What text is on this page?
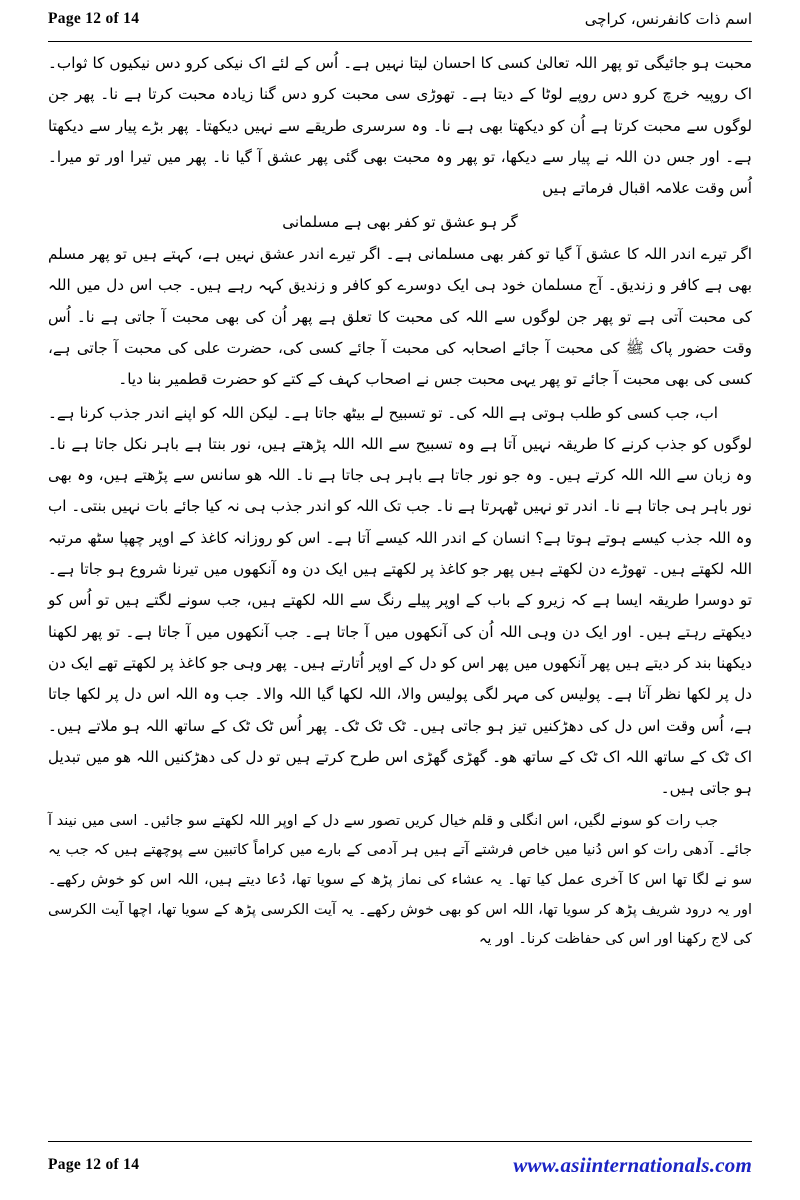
Page 12 of 14	اسم ذات کانفرنس، کراچی

محبت ہو جائیگی تو پھر اللہ تعالیٰ کسی کا احسان لیتا نہیں ہے۔ اُس کے لئے اک نیکی کرو دس نیکیوں کا ثواب۔ اک روپیہ خرچ کرو دس روپے لوٹا کے دیتا ہے۔ تھوڑی سی محبت کرو دس گنا زیادہ محبت کرتا ہے نا۔ پھر جن لوگوں سے محبت کرتا ہے اُن کو دیکھتا بھی ہے نا۔ وہ سرسری طریقے سے نہیں دیکھتا۔ پھر بڑے پیار سے دیکھتا ہے۔ اور جس دن اللہ نے پیار سے دیکھا، تو پھر وہ محبت بھی گئی پھر عشق آ گیا نا۔ پھر میں تیرا اور تو میرا۔ اُس وقت علامہ اقبال فرماتے ہیں

گر ہو عشق تو کفر بھی ہے مسلمانی

اگر تیرے اندر اللہ کا عشق آ گیا تو کفر بھی مسلمانی ہے۔ اگر تیرے اندر عشق نہیں ہے، کہتے ہیں تو پھر مسلم بھی ہے کافر و زندیق۔ آج مسلمان خود ہی ایک دوسرے کو کافر و زندیق کہہ رہے ہیں۔ جب اس دل میں اللہ کی محبت آتی ہے تو پھر جن لوگوں سے اللہ کی محبت کا تعلق ہے پھر اُن کی بھی محبت آ جاتی ہے نا۔ اُس وقت حضور پاک ﷺ کی محبت آ جائے اصحابہ کی محبت آ جائے کسی کی، حضرت علی کی محبت آ جاتی ہے، کسی کی بھی محبت آ جائے تو پھر یہی محبت جس نے اصحاب کہف کے کتے کو حضرت قطمیر بنا دیا۔

اب، جب کسی کو طلب ہوتی ہے اللہ کی۔ تو تسبیح لے بیٹھ جاتا ہے۔ لیکن اللہ کو اپنے اندر جذب کرنا ہے۔ لوگوں کو جذب کرنے کا طریقہ نہیں آتا ہے وہ تسبیح سے اللہ اللہ پڑھتے ہیں، نور بنتا ہے باہر نکل جاتا ہے نا۔ وہ زبان سے اللہ اللہ کرتے ہیں۔ وہ جو نور جاتا ہے باہر ہی جاتا ہے نا۔ اللہ ھو سانس سے پڑھتے ہیں، وہ بھی نور باہر ہی جاتا ہے نا۔ اندر تو نہیں ٹھہرتا ہے نا۔ جب تک اللہ کو اندر جذب ہی نہ کیا جائے بات نہیں بنتی۔ اب وہ اللہ جذب کیسے ہوتے ہوتا ہے؟ انسان کے اندر اللہ کیسے آتا ہے۔ اس کو روزانہ کاغذ کے اوپر چھپا سٹھ مرتبہ اللہ لکھتے ہیں۔ تھوڑے دن لکھتے ہیں پھر جو کاغذ پر لکھتے ہیں ایک دن وہ آنکھوں میں تیرنا شروع ہو جاتا ہے۔ تو دوسرا طریقہ ایسا ہے کہ زیرو کے باب کے اوپر پیلے رنگ سے اللہ لکھتے ہیں، جب سونے لگتے ہیں تو اُس کو دیکھتے رہتے ہیں۔ اور ایک دن وہی اللہ اُن کی آنکھوں میں آ جاتا ہے۔ جب آنکھوں میں آ جاتا ہے۔ تو پھر لکھنا دیکھنا بند کر دیتے ہیں پھر آنکھوں میں پھر اس کو دل کے اوپر اُتارتے ہیں۔ پھر وہی جو کاغذ پر لکھتے تھے ایک دن دل پر لکھا نظر آتا ہے۔ پولیس کی مہر لگی پولیس والا، اللہ لکھا گیا اللہ والا۔ جب وہ اللہ اس دل پر لکھا جاتا ہے، اُس وقت اس دل کی دھڑکنیں تیز ہو جاتی ہیں۔ ٹک ٹک ٹک۔ پھر اُس ٹک ٹک کے ساتھ اللہ ہو ملاتے ہیں۔ اک ٹک کے ساتھ اللہ اک ٹک کے ساتھ ھو۔ گھڑی گھڑی اس طرح کرتے ہیں تو دل کی دھڑکنیں اللہ ھو میں تبدیل ہو جاتی ہیں۔

جب رات کو سونے لگیں، اس انگلی و قلم خیال کریں تصور سے دل کے اوپر اللہ لکھتے سو جائیں۔ اسی میں نیند آ جائے۔ آدھی رات کو اس دُنیا میں خاص فرشتے آتے ہیں ہر آدمی کے بارے میں کراماً کاتبین سے پوچھتے ہیں کہ جب یہ سو نے لگا تھا اس کا آخری عمل کیا تھا۔ یہ عشاء کی نماز پڑھ کے سویا تھا، دُعا دیتے ہیں، اللہ اس کو خوش رکھے۔ اور یہ درود شریف پڑھ کر سویا تھا، اللہ اس کو بھی خوش رکھے۔ یہ آیت الکرسی پڑھ کے سویا تھا، اچھا آیت الکرسی کی لاج رکھنا اور اس کی حفاظت کرنا۔ اور یہ

Page 12 of 14	www.asiinternationals.com
